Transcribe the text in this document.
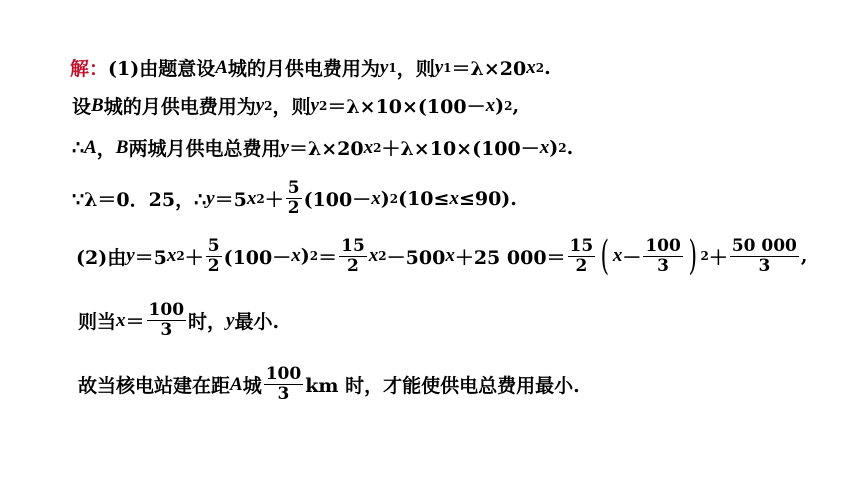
解： (1)由题意设 A 城的月供电费用为 y 1 ，则 y 1 ＝λ×20 x 2 .
设 B 城的月供电费用为 y 2 ，则 y 2 ＝λ×10×(100－ x ) 2 ,
∴ A ， B 两城月供电总费用 y ＝λ×20 x 2 ＋λ×10×(100－ x ) 2 .
∵λ＝0．25，∴ y ＝5 x $2 + \frac{5}{2} (100- x$ ) 2 (10≤ x ≤90).
(2)由 y ＝5 x $2 + \frac{5}{2} (100- x$ ) $2 = \frac{15}{2}$ x 2 －500 x ＋25 $000= \frac{15}{2}$ ( $x - \frac{100}{3}$ ) $2 + \frac{50 000}{3}$ ,
则当 $x = \frac{100}{3}$ 时， y 最小.
故当核电站建在距 A 城 $\frac{100}{3}$ km 时，才能使供电总费用最小.
